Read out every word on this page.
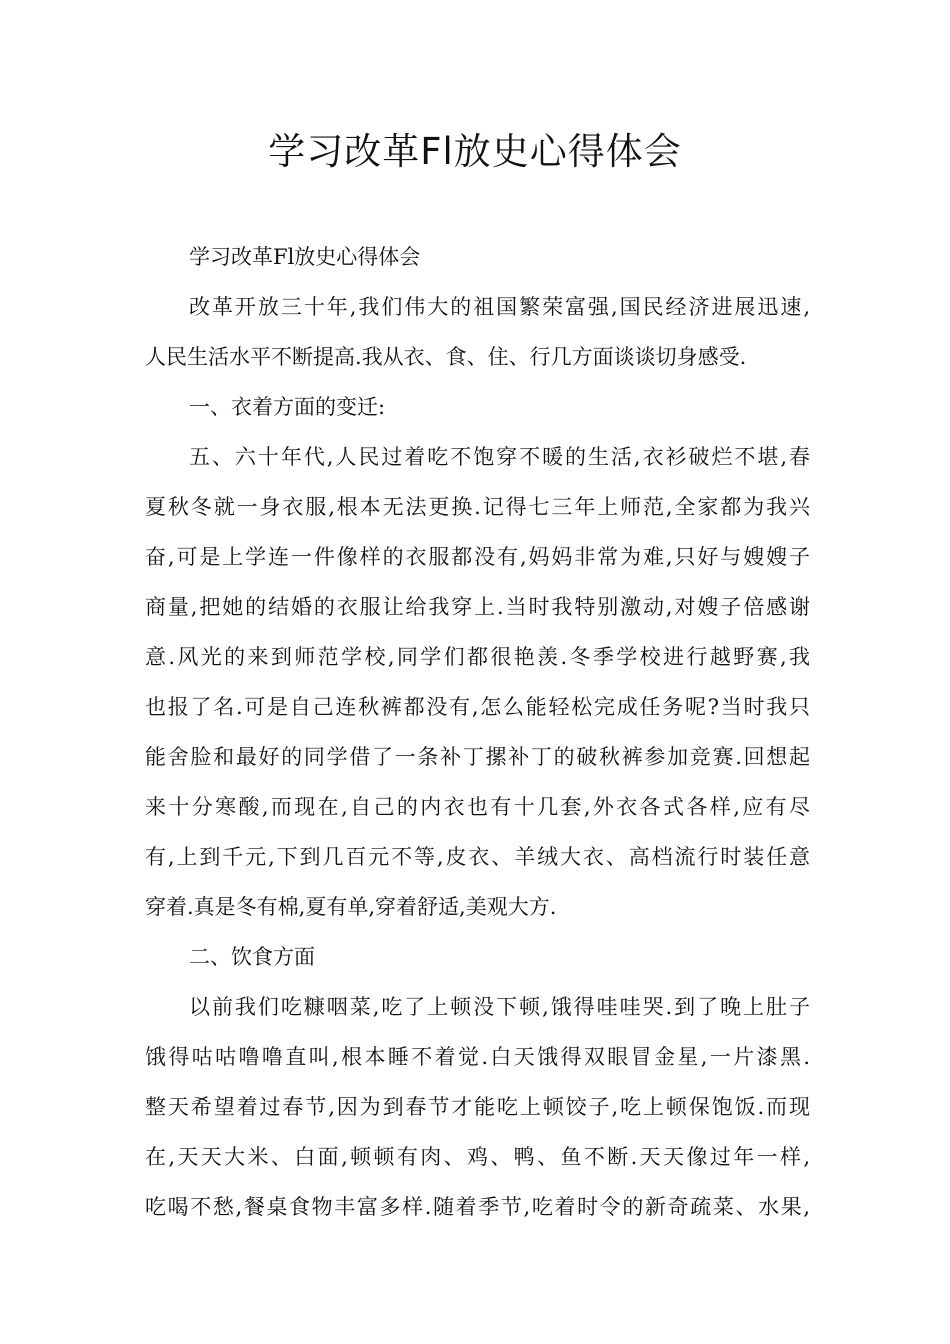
学习改革Fl放史心得体会
学习改革Fl放史心得体会
改革开放三十年,我们伟大的祖国繁荣富强,国民经济进展迅速,
人民生活水平不断提高.我从衣、食、住、行几方面谈谈切身感受.
一、衣着方面的变迁:
五、六十年代,人民过着吃不饱穿不暖的生活,衣衫破烂不堪,春
夏秋冬就一身衣服,根本无法更换.记得七三年上师范,全家都为我兴
奋,可是上学连一件像样的衣服都没有,妈妈非常为难,只好与嫂嫂子
商量,把她的结婚的衣服让给我穿上.当时我特别激动,对嫂子倍感谢
意.风光的来到师范学校,同学们都很艳羡.冬季学校进行越野赛,我
也报了名.可是自己连秋裤都没有,怎么能轻松完成任务呢?当时我只
能舍脸和最好的同学借了一条补丁摞补丁的破秋裤参加竞赛.回想起
来十分寒酸,而现在,自己的内衣也有十几套,外衣各式各样,应有尽
有,上到千元,下到几百元不等,皮衣、羊绒大衣、高档流行时装任意
穿着.真是冬有棉,夏有单,穿着舒适,美观大方.
二、饮食方面
以前我们吃糠咽菜,吃了上顿没下顿,饿得哇哇哭.到了晚上肚子
饿得咕咕噜噜直叫,根本睡不着觉.白天饿得双眼冒金星,一片漆黑.
整天希望着过春节,因为到春节才能吃上顿饺子,吃上顿保饱饭.而现
在,天天大米、白面,顿顿有肉、鸡、鸭、鱼不断.天天像过年一样,
吃喝不愁,餐桌食物丰富多样.随着季节,吃着时令的新奇疏菜、水果,
